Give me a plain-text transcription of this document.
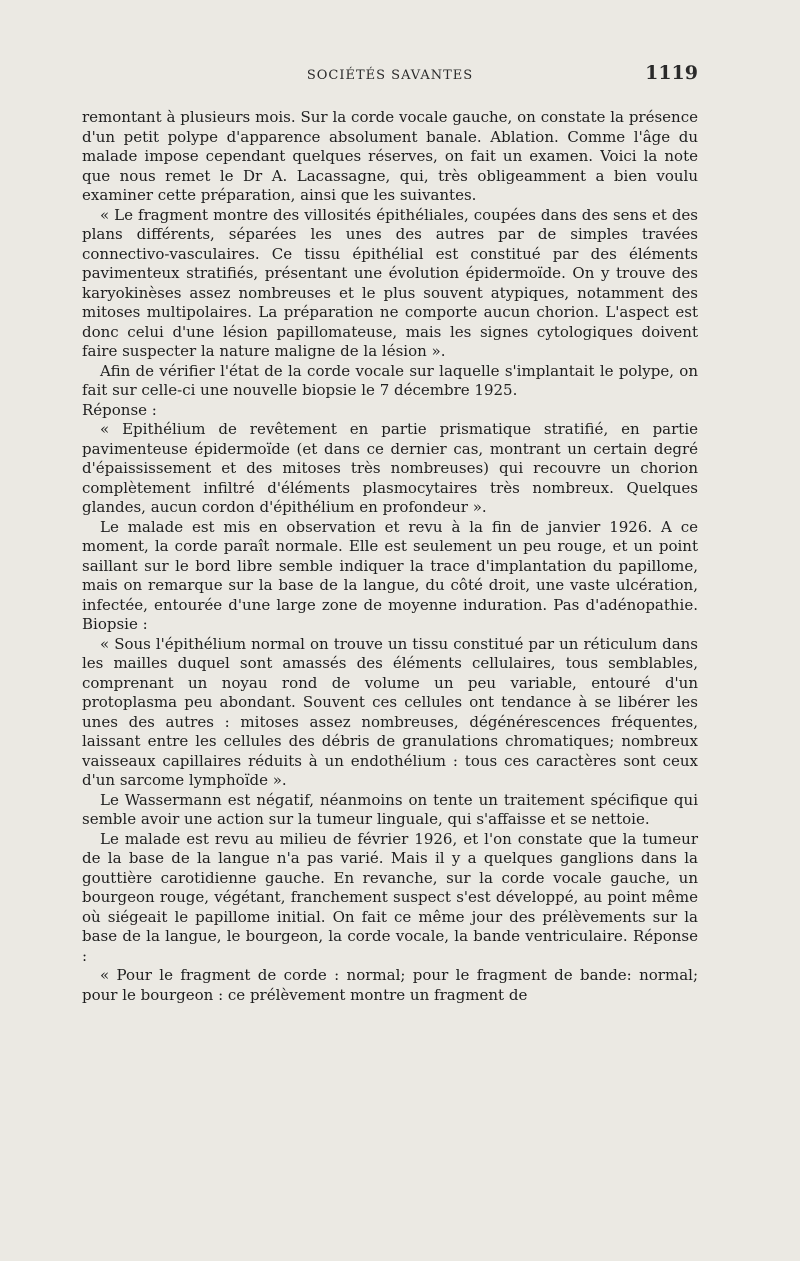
SOCIÉTÉS SAVANTES	1119

remontant à plusieurs mois. Sur la corde vocale gauche, on constate la présence d'un petit polype d'apparence absolument banale. Ablation. Comme l'âge du malade impose cependant quelques réserves, on fait un examen. Voici la note que nous remet le Dr A. Lacassagne, qui, très obligeamment a bien voulu examiner cette préparation, ainsi que les suivantes.

« Le fragment montre des villosités épithéliales, coupées dans des sens et des plans différents, séparées les unes des autres par de simples travées connectivo-vasculaires. Ce tissu épithélial est constitué par des éléments pavimenteux stratifiés, présentant une évolution épidermoïde. On y trouve des karyokinèses assez nombreuses et le plus souvent atypiques, notamment des mitoses multipolaires. La préparation ne comporte aucun chorion. L'aspect est donc celui d'une lésion papillomateuse, mais les signes cytologiques doivent faire suspecter la nature maligne de la lésion ».

Afin de vérifier l'état de la corde vocale sur laquelle s'implantait le polype, on fait sur celle-ci une nouvelle biopsie le 7 décembre 1925.

Réponse :

« Epithélium de revêtement en partie prismatique stratifié, en partie pavimenteuse épidermoïde (et dans ce dernier cas, montrant un certain degré d'épaississement et des mitoses très nombreuses) qui recouvre un chorion complètement infiltré d'éléments plasmocytaires très nombreux. Quelques glandes, aucun cordon d'épithélium en profondeur ».

Le malade est mis en observation et revu à la fin de janvier 1926. A ce moment, la corde paraît normale. Elle est seulement un peu rouge, et un point saillant sur le bord libre semble indiquer la trace d'implantation du papillome, mais on remarque sur la base de la langue, du côté droit, une vaste ulcération, infectée, entourée d'une large zone de moyenne induration. Pas d'adénopathie. Biopsie :

« Sous l'épithélium normal on trouve un tissu constitué par un réticulum dans les mailles duquel sont amassés des éléments cellulaires, tous semblables, comprenant un noyau rond de volume un peu variable, entouré d'un protoplasma peu abondant. Souvent ces cellules ont tendance à se libérer les unes des autres : mitoses assez nombreuses, dégénérescences fréquentes, laissant entre les cellules des débris de granulations chromatiques; nombreux vaisseaux capillaires réduits à un endothélium : tous ces caractères sont ceux d'un sarcome lymphoïde ».

Le Wassermann est négatif, néanmoins on tente un traitement spécifique qui semble avoir une action sur la tumeur linguale, qui s'affaisse et se nettoie.

Le malade est revu au milieu de février 1926, et l'on constate que la tumeur de la base de la langue n'a pas varié. Mais il y a quelques ganglions dans la gouttière carotidienne gauche. En revanche, sur la corde vocale gauche, un bourgeon rouge, végétant, franchement suspect s'est développé, au point même où siégeait le papillome initial. On fait ce même jour des prélèvements sur la base de la langue, le bourgeon, la corde vocale, la bande ventriculaire. Réponse :

« Pour le fragment de corde : normal; pour le fragment de bande: normal; pour le bourgeon : ce prélèvement montre un fragment de
